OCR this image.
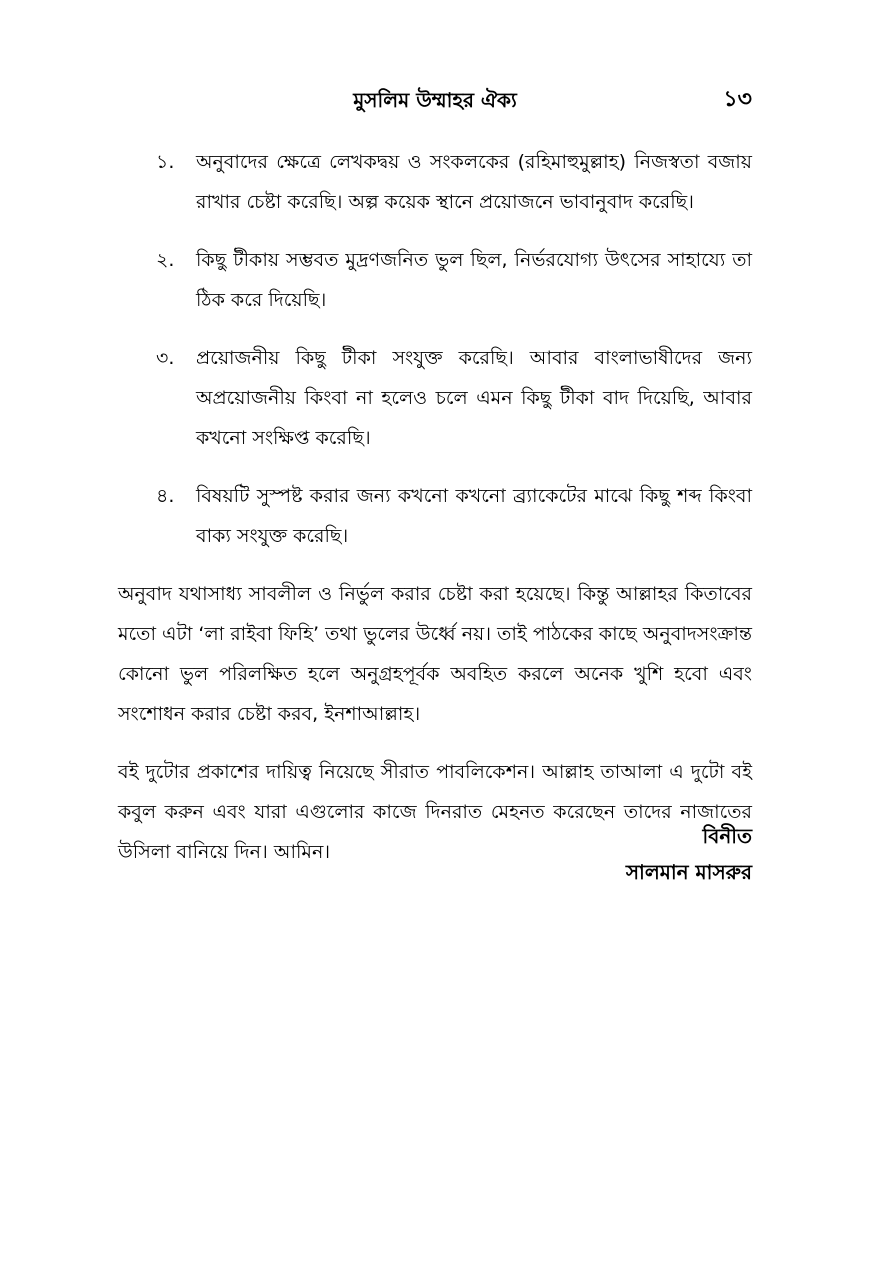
মুসলিম উম্মাহর ঐক্য	১৩
১.	অনুবাদের ক্ষেত্রে লেখকদ্বয় ও সংকলকের (রহিমাহুমুল্লাহ) নিজস্বতা বজায় রাখার চেষ্টা করেছি। অল্প কয়েক স্থানে প্রয়োজনে ভাবানুবাদ করেছি।
২.	কিছু টীকায় সম্ভবত মুদ্রণজনিত ভুল ছিল, নির্ভরযোগ্য উৎসের সাহায্যে তা ঠিক করে দিয়েছি।
৩.	প্রয়োজনীয় কিছু টীকা সংযুক্ত করেছি। আবার বাংলাভাষীদের জন্য অপ্রয়োজনীয় কিংবা না হলেও চলে এমন কিছু টীকা বাদ দিয়েছি, আবার কখনো সংক্ষিপ্ত করেছি।
৪.	বিষয়টি সুস্পষ্ট করার জন্য কখনো কখনো ব্র্যাকেটের মাঝে কিছু শব্দ কিংবা বাক্য সংযুক্ত করেছি।

অনুবাদ যথাসাধ্য সাবলীল ও নির্ভুল করার চেষ্টা করা হয়েছে। কিন্তু আল্লাহর কিতাবের মতো এটা ‘লা রাইবা ফিহি’ তথা ভুলের উর্ধ্বে নয়। তাই পাঠকের কাছে অনুবাদসংক্রান্ত কোনো ভুল পরিলক্ষিত হলে অনুগ্রহপূর্বক অবহিত করলে অনেক খুশি হবো এবং সংশোধন করার চেষ্টা করব, ইনশাআল্লাহ।

বই দুটোর প্রকাশের দায়িত্ব নিয়েছে সীরাত পাবলিকেশন। আল্লাহ তাআলা এ দুটো বই কবুল করুন এবং যারা এগুলোর কাজে দিনরাত মেহনত করেছেন তাদের নাজাতের উসিলা বানিয়ে দিন। আমিন।

বিনীত
সালমান মাসরুর
